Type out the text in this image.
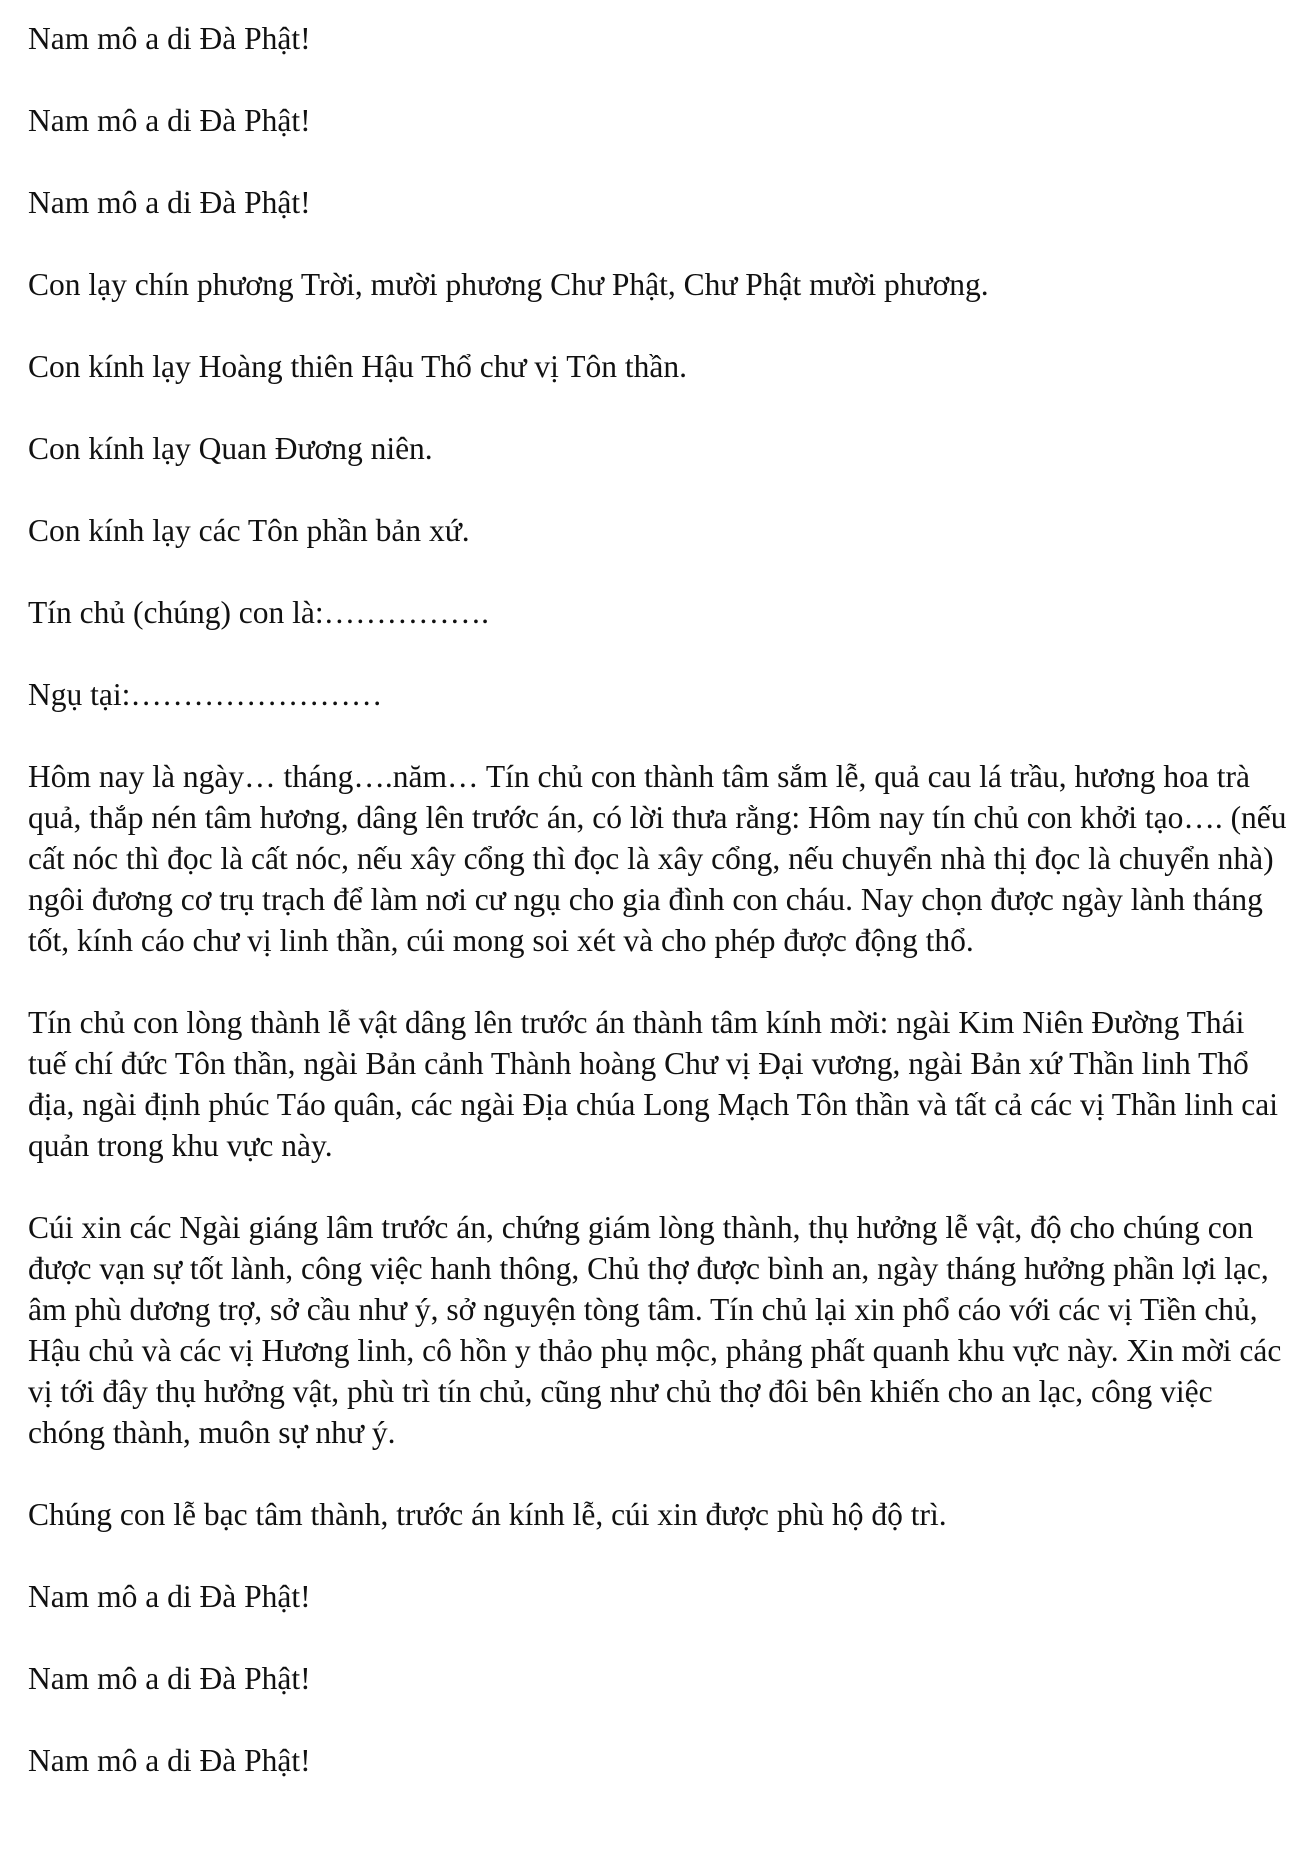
Nam mô a di Đà Phật!

Nam mô a di Đà Phật!

Nam mô a di Đà Phật!

Con lạy chín phương Trời, mười phương Chư Phật, Chư Phật mười phương.

Con kính lạy Hoàng thiên Hậu Thổ chư vị Tôn thần.

Con kính lạy Quan Đương niên.

Con kính lạy các Tôn phần bản xứ.

Tín chủ (chúng) con là:…………….

Ngụ tại:……………………

Hôm nay là ngày… tháng….năm… Tín chủ con thành tâm sắm lễ, quả cau lá trầu, hương hoa trà quả, thắp nén tâm hương, dâng lên trước án, có lời thưa rằng: Hôm nay tín chủ con khởi tạo…. (nếu cất nóc thì đọc là cất nóc, nếu xây cổng thì đọc là xây cổng, nếu chuyển nhà thị đọc là chuyển nhà) ngôi đương cơ trụ trạch để làm nơi cư ngụ cho gia đình con cháu. Nay chọn được ngày lành tháng tốt, kính cáo chư vị linh thần, cúi mong soi xét và cho phép được động thổ.

Tín chủ con lòng thành lễ vật dâng lên trước án thành tâm kính mời: ngài Kim Niên Đường Thái tuế chí đức Tôn thần, ngài Bản cảnh Thành hoàng Chư vị Đại vương, ngài Bản xứ Thần linh Thổ địa, ngài định phúc Táo quân, các ngài Địa chúa Long Mạch Tôn thần và tất cả các vị Thần linh cai quản trong khu vực này.

Cúi xin các Ngài giáng lâm trước án, chứng giám lòng thành, thụ hưởng lễ vật, độ cho chúng con được vạn sự tốt lành, công việc hanh thông, Chủ thợ được bình an, ngày tháng hưởng phần lợi lạc, âm phù dương trợ, sở cầu như ý, sở nguyện tòng tâm. Tín chủ lại xin phổ cáo với các vị Tiền chủ, Hậu chủ và các vị Hương linh, cô hồn y thảo phụ mộc, phảng phất quanh khu vực này. Xin mời các vị tới đây thụ hưởng vật, phù trì tín chủ, cũng như chủ thợ đôi bên khiến cho an lạc, công việc chóng thành, muôn sự như ý.

Chúng con lễ bạc tâm thành, trước án kính lễ, cúi xin được phù hộ độ trì.

Nam mô a di Đà Phật!

Nam mô a di Đà Phật!

Nam mô a di Đà Phật!
